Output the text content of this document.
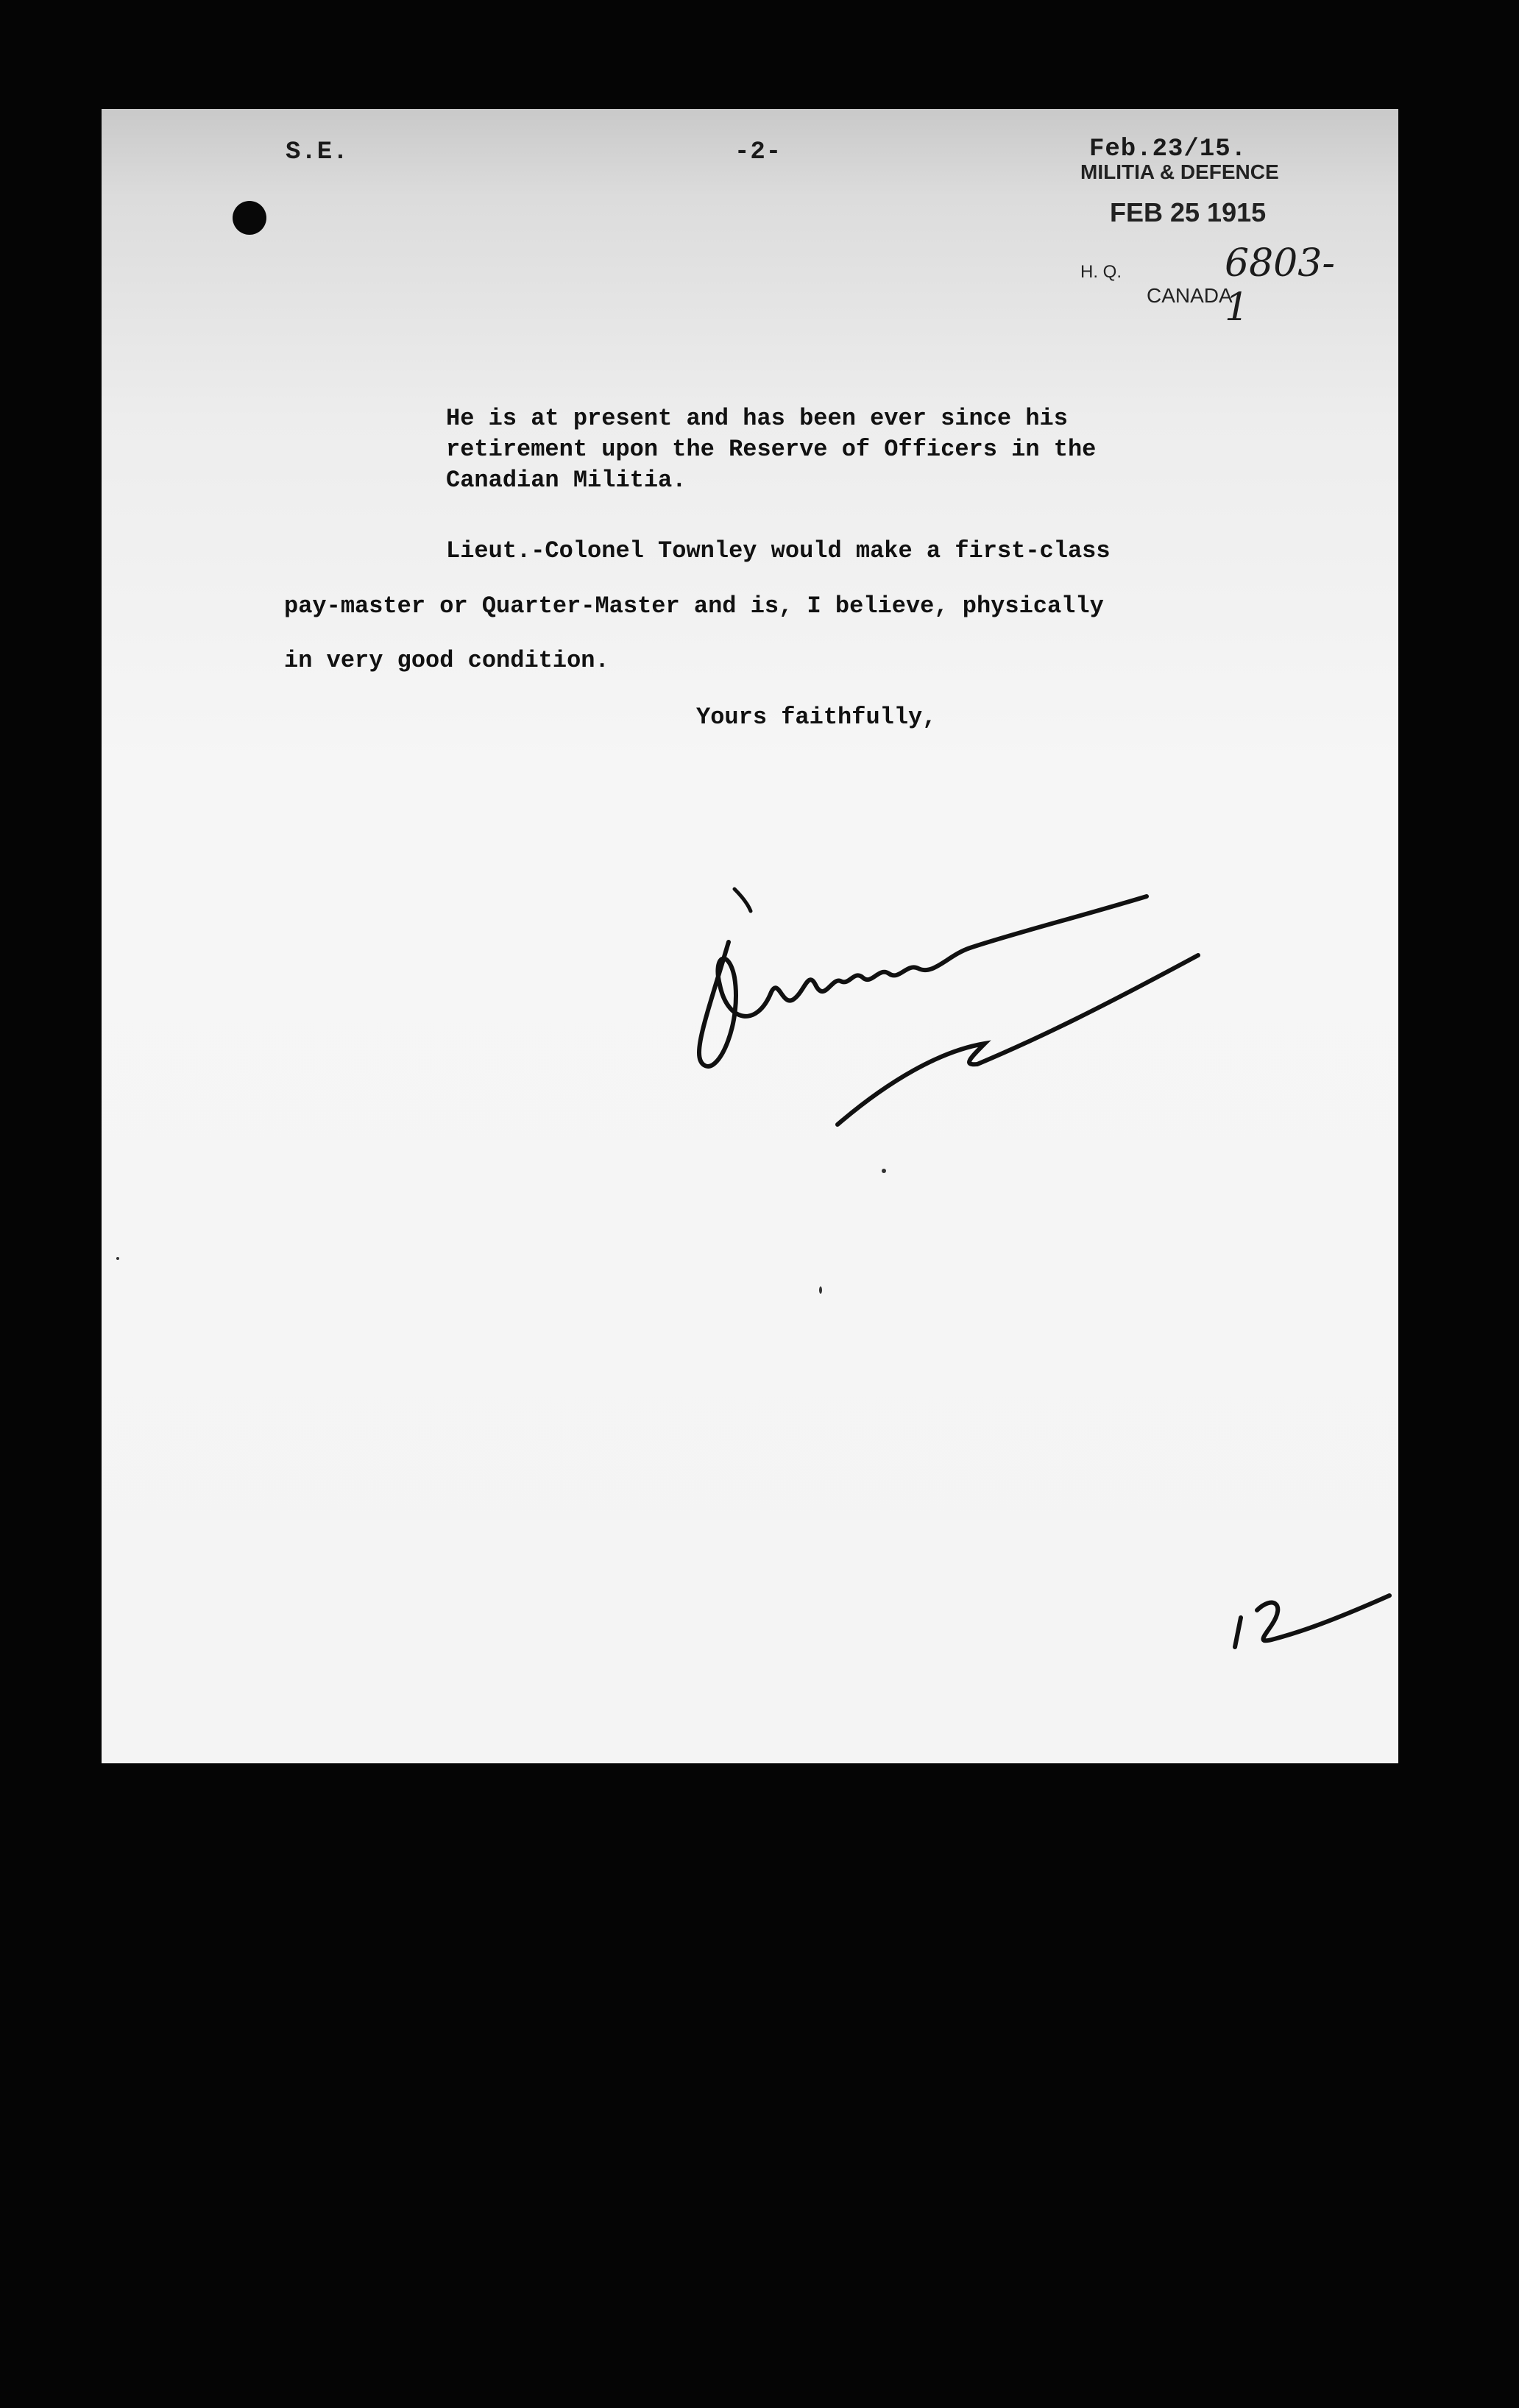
S.E.	-2-	Feb.23/15.
MILITIA & DEFENCE
FEB 25 1915
H. Q.	6803-1
CANADA
He is at present and has been ever since his
retirement upon the Reserve of Officers in the
Canadian Militia.
Lieut.-Colonel Townley would make a first-class
pay-master or Quarter-Master and is, I believe, physically
in very good condition.
Yours faithfully,
